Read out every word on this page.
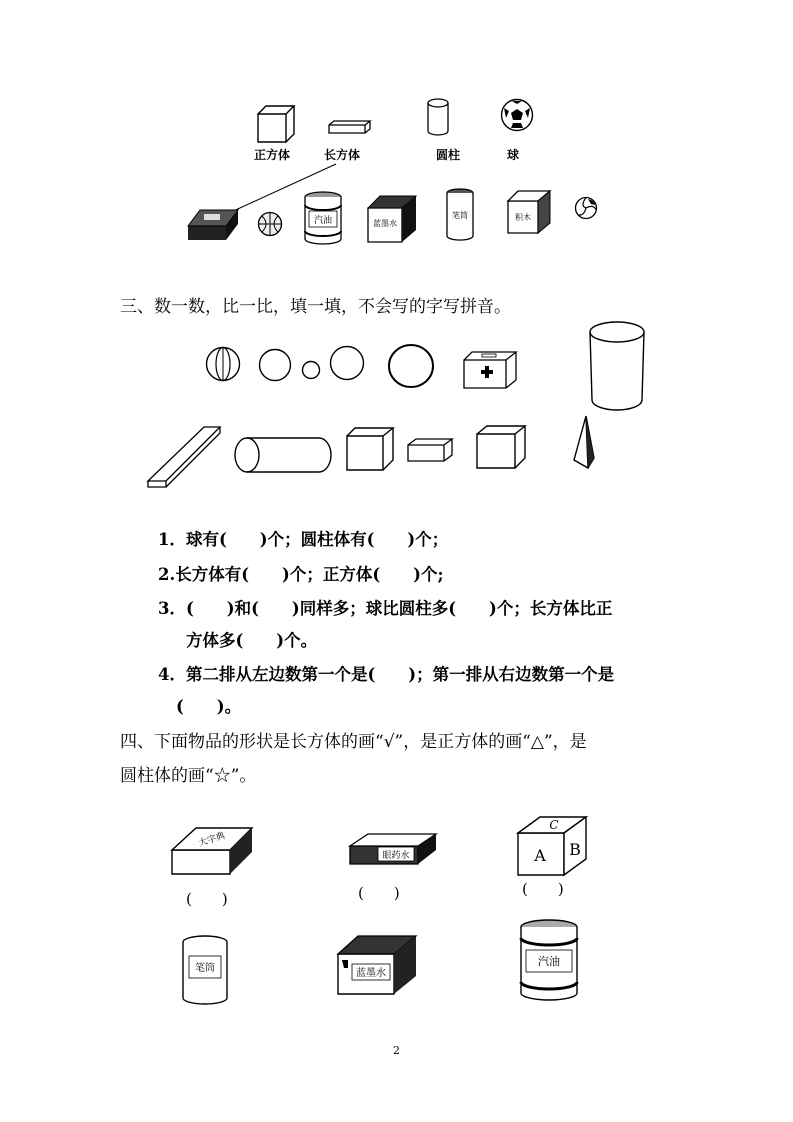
正方体	长方体	圆柱	球
汽油	蓝墨水
笔筒	积木
三、数一数，比一比，填一填，不会写的字写拼音。
1．球有(　　)个；圆柱体有(　　)个；
2.长方体有(　　)个；正方体(　　)个;
3．(　　)和(　　)同样多；球比圆柱多(　　)个；长方体比正
方体多(　　)个。
4．第二排从左边数第一个是(　　)；第一排从右边数第一个是
(　　)。
四、下面物品的形状是长方体的画“√”，是正方体的画“△”，是
圆柱体的画“☆”。
大字典
(　　)
眼药水
(　　)
C
A B
(　　)
笔筒	蓝墨水
汽油
2
